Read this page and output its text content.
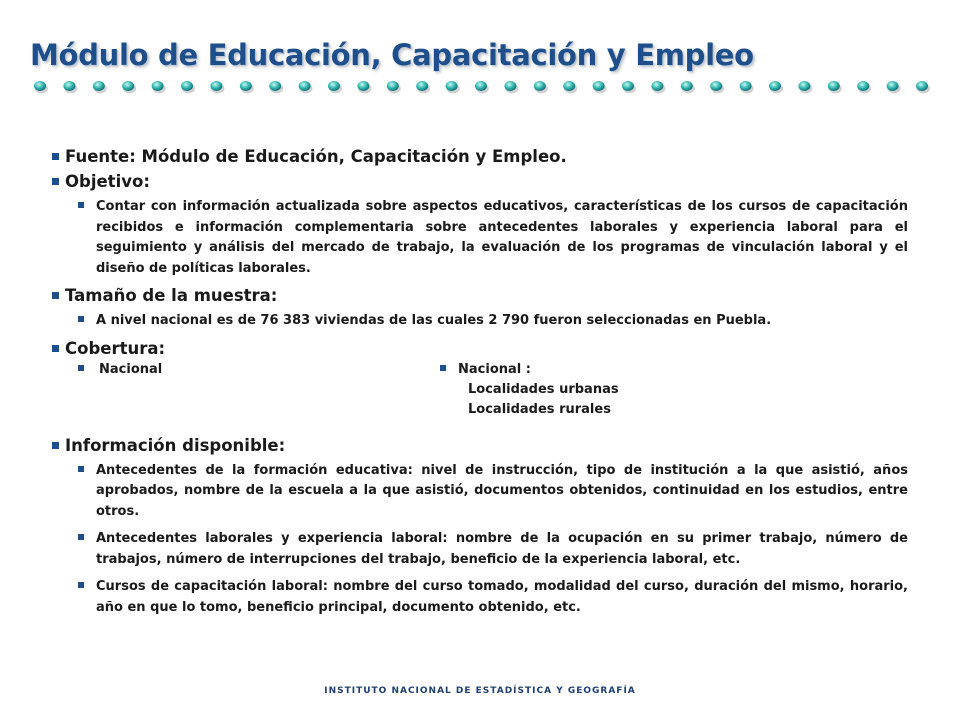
Módulo de Educación, Capacitación y Empleo
Fuente: Módulo de Educación, Capacitación y Empleo.
Objetivo:
Contar con información actualizada sobre aspectos educativos, características de los cursos de capacitación recibidos e información complementaria sobre antecedentes laborales y experiencia laboral para el seguimiento y análisis del mercado de trabajo, la evaluación de los programas de vinculación laboral y el diseño de políticas laborales.
Tamaño de la muestra:
A nivel nacional es de 76 383 viviendas de las cuales 2 790 fueron seleccionadas en Puebla.
Cobertura:
Nacional	Nacional :
Localidades urbanas
Localidades rurales
Información disponible:
Antecedentes de la formación educativa: nivel de instrucción, tipo de institución a la que asistió, años aprobados, nombre de la escuela a la que asistió, documentos obtenidos, continuidad en los estudios, entre otros.
Antecedentes laborales y experiencia laboral: nombre de la ocupación en su primer trabajo, número de trabajos, número de interrupciones del trabajo, beneficio de la experiencia laboral, etc.
Cursos de capacitación laboral: nombre del curso tomado, modalidad del curso, duración del mismo, horario, año en que lo tomo, beneficio principal, documento obtenido, etc.
INSTITUTO NACIONAL DE ESTADÍSTICA Y GEOGRAFÍA
